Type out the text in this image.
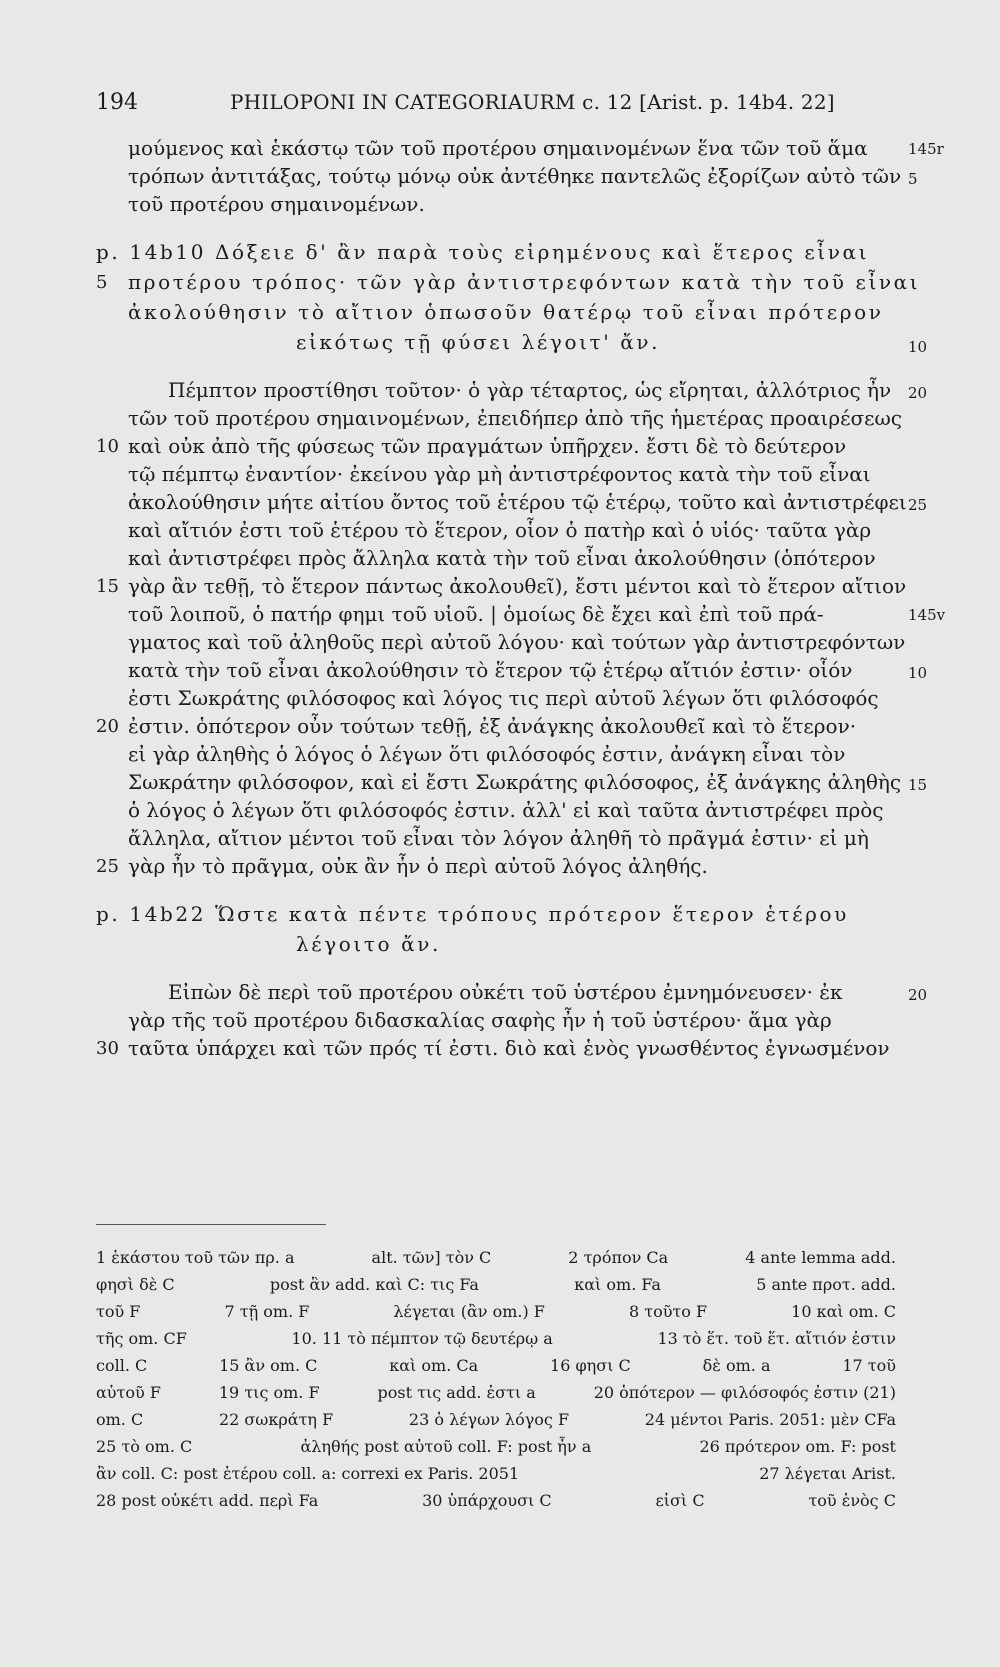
194	PHILOPONI IN CATEGORIAURM c. 12 [Arist. p. 14b4. 22]
μούμενος καὶ ἑκάστῳ τῶν τοῦ προτέρου σημαινομένων ἕνα τῶν τοῦ ἅμα
τρόπων ἀντιτάξας, τούτῳ μόνῳ οὐκ ἀντέθηκε παντελῶς ἐξορίζων αὐτὸ τῶν
τοῦ προτέρου σημαινομένων.
p. 14b10 Δόξειε δ' ἂν παρὰ τοὺς εἰρημένους καὶ ἕτερος εἶναι
5	προτέρου τρόπος· τῶν γὰρ ἀντιστρεφόντων κατὰ τὴν τοῦ εἶναι
ἀκολούθησιν τὸ αἴτιον ὁπωσοῦν θατέρῳ τοῦ εἶναι πρότερον
εἰκότως τῇ φύσει λέγοιτ' ἄν.
Πέμπτον προστίθησι τοῦτον· ὁ γὰρ τέταρτος, ὡς εἴρηται, ἀλλότριος ἦν
τῶν τοῦ προτέρου σημαινομένων, ἐπειδήπερ ἀπὸ τῆς ἡμετέρας προαιρέσεως
10 καὶ οὐκ ἀπὸ τῆς φύσεως τῶν πραγμάτων ὑπῆρχεν. ἔστι δὲ τὸ δεύτερον
τῷ πέμπτῳ ἐναντίον· ἐκείνου γὰρ μὴ ἀντιστρέφοντος κατὰ τὴν τοῦ εἶναι
ἀκολούθησιν μήτε αἰτίου ὄντος τοῦ ἑτέρου τῷ ἑτέρῳ, τοῦτο καὶ ἀντιστρέφει
καὶ αἴτιόν ἐστι τοῦ ἑτέρου τὸ ἕτερον, οἷον ὁ πατὴρ καὶ ὁ υἱός· ταῦτα γὰρ
καὶ ἀντιστρέφει πρὸς ἄλληλα κατὰ τὴν τοῦ εἶναι ἀκολούθησιν (ὁπότερον
15 γὰρ ἂν τεθῇ, τὸ ἕτερον πάντως ἀκολουθεῖ), ἔστι μέντοι καὶ τὸ ἕτερον αἴτιον
τοῦ λοιποῦ, ὁ πατήρ φημι τοῦ υἱοῦ. | ὁμοίως δὲ ἔχει καὶ ἐπὶ τοῦ πρά-
γματος καὶ τοῦ ἀληθοῦς περὶ αὐτοῦ λόγου· καὶ τούτων γὰρ ἀντιστρεφόντων
κατὰ τὴν τοῦ εἶναι ἀκολούθησιν τὸ ἕτερον τῷ ἑτέρῳ αἴτιόν ἐστιν· οἷόν
ἐστι Σωκράτης φιλόσοφος καὶ λόγος τις περὶ αὐτοῦ λέγων ὅτι φιλόσοφός
20 ἐστιν. ὁπότερον οὖν τούτων τεθῇ, ἐξ ἀνάγκης ἀκολουθεῖ καὶ τὸ ἕτερον·
εἰ γὰρ ἀληθὴς ὁ λόγος ὁ λέγων ὅτι φιλόσοφός ἐστιν, ἀνάγκη εἶναι τὸν
Σωκράτην φιλόσοφον, καὶ εἰ ἔστι Σωκράτης φιλόσοφος, ἐξ ἀνάγκης ἀληθὴς
ὁ λόγος ὁ λέγων ὅτι φιλόσοφός ἐστιν. ἀλλ' εἰ καὶ ταῦτα ἀντιστρέφει πρὸς
ἄλληλα, αἴτιον μέντοι τοῦ εἶναι τὸν λόγον ἀληθῆ τὸ πρᾶγμά ἐστιν· εἰ μὴ
25 γὰρ ἦν τὸ πρᾶγμα, οὐκ ἂν ἦν ὁ περὶ αὐτοῦ λόγος ἀληθής.
p. 14b22 Ὥστε κατὰ πέντε τρόπους πρότερον ἕτερον ἑτέρου
λέγοιτο ἄν.
Εἰπὼν δὲ περὶ τοῦ προτέρου οὐκέτι τοῦ ὑστέρου ἐμνημόνευσεν· ἐκ
γὰρ τῆς τοῦ προτέρου διδασκαλίας σαφὴς ἦν ἡ τοῦ ὑστέρου· ἅμα γὰρ
30 ταῦτα ὑπάρχει καὶ τῶν πρός τί ἐστι. διὸ καὶ ἑνὸς γνωσθέντος ἐγνωσμένον
145r
5
10
20
25
145v
10
15
20
1 ἑκάστου τοῦ τῶν πρ. a	alt. τῶν] τὸν C	2 τρόπον Ca	4 ante lemma add.
φησὶ δὲ C	post ἂν add. καὶ C: τις Fa	καὶ om. Fa	5 ante προτ. add.
τοῦ F	7 τῇ om. F	λέγεται (ἂν om.) F	8 τοῦτο F	10 καὶ om. C
τῆς om. CF	10. 11 τὸ πέμπτον τῷ δευτέρῳ a	13 τὸ ἕτ. τοῦ ἕτ. αἴτιόν ἐστιν
coll. C	15 ἂν om. C	καὶ om. Ca	16 φησι C	δὲ om. a	17 τοῦ
αὐτοῦ F	19 τις om. F	post τις add. ἐστι a	20 ὁπότερον — φιλόσοφός ἐστιν (21)
om. C	22 σωκράτη F	23 ὁ λέγων λόγος F	24 μέντοι Paris. 2051: μὲν CFa
25 τὸ om. C	ἀληθής post αὐτοῦ coll. F: post ἦν a	26 πρότερον om. F: post
ἂν coll. C: post ἑτέρου coll. a: correxi ex Paris. 2051	27 λέγεται Arist.
28 post οὐκέτι add. περὶ Fa	30 ὑπάρχουσι C	εἰσὶ C	τοῦ ἑνὸς C
